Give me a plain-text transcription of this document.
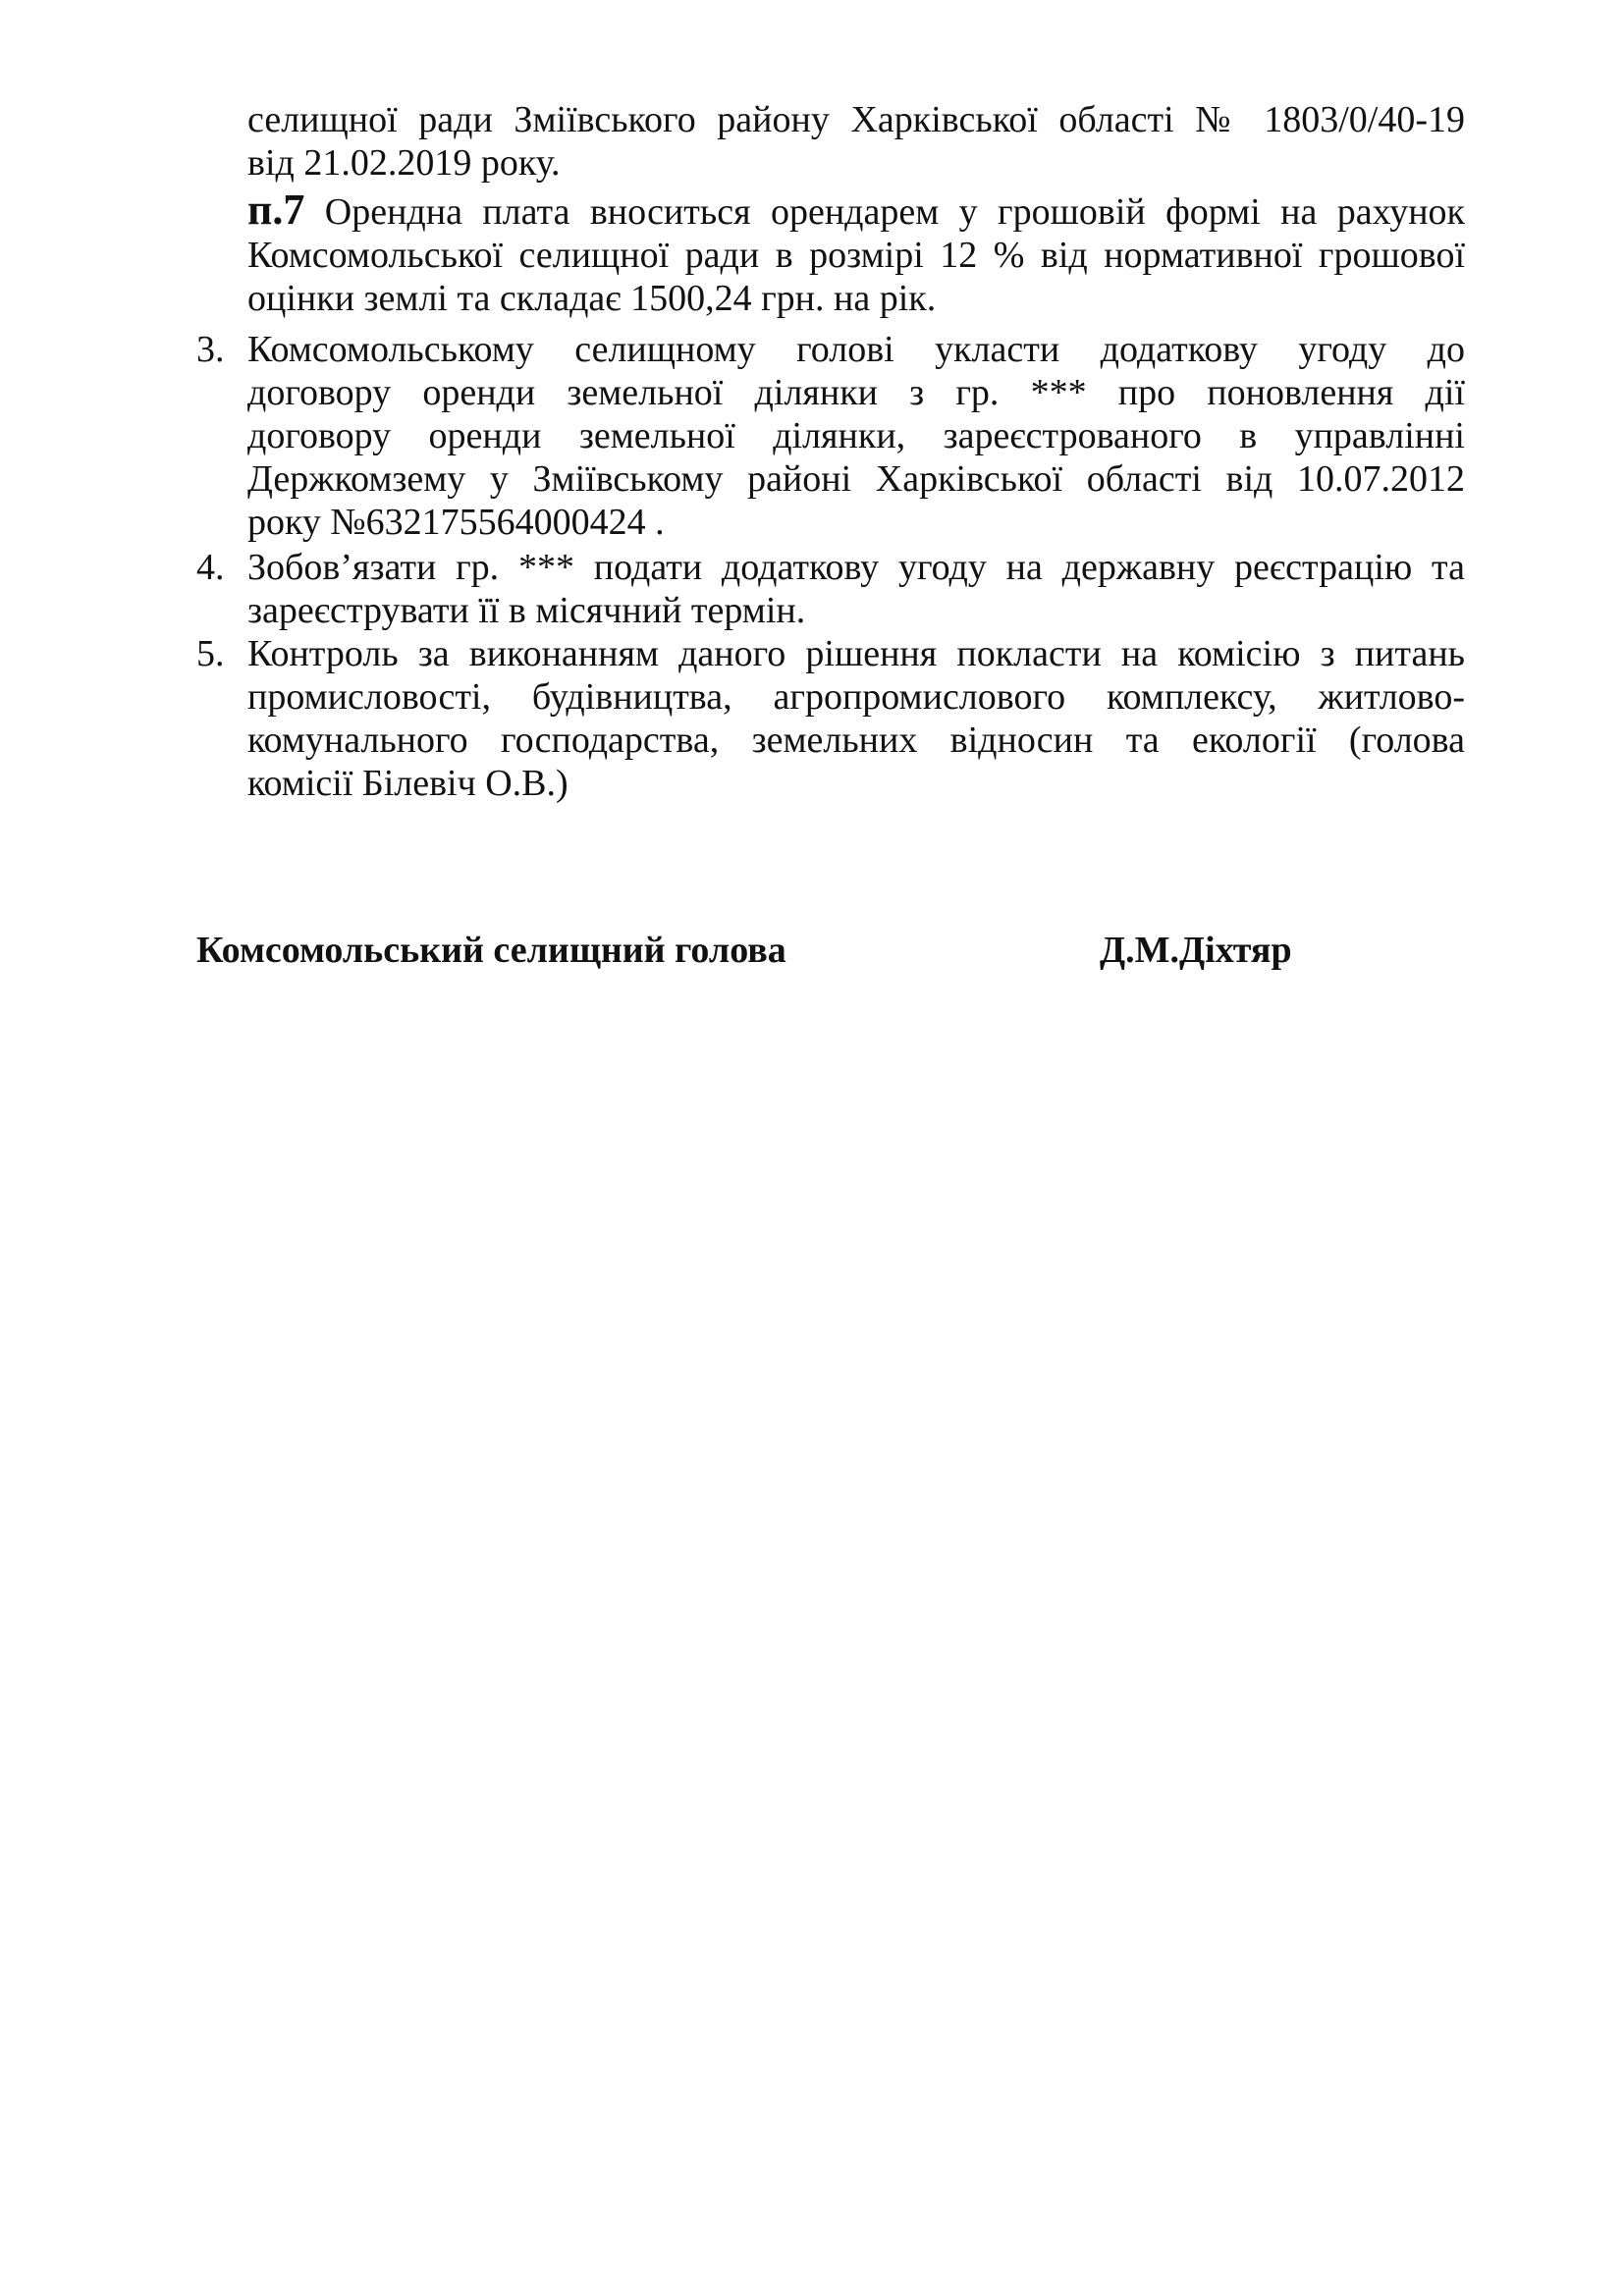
селищної ради Зміївського району Харківської області № 1803/0/40-19
від 21.02.2019 року.
п.7 Орендна плата вноситься орендарем у грошовій формі на рахунок
Комсомольської селищної ради в розмірі 12 % від нормативної грошової
оцінки землі та складає 1500,24 грн. на рік.
3. Комсомольському селищному голові укласти додаткову угоду до
договору оренди земельної ділянки з гр. *** про поновлення дії
договору оренди земельної ділянки, зареєстрованого в управлінні
Держкомзему у Зміївському районі Харківської області від 10.07.2012
року №632175564000424 .
4. Зобов’язати гр. *** подати додаткову угоду на державну реєстрацію та
зареєструвати її в місячний термін.
5. Контроль за виконанням даного рішення покласти на комісію з питань
промисловості, будівництва, агропромислового комплексу, житлово-
комунального господарства, земельних відносин та екології (голова
комісії Білевіч О.В.)
Комсомольський селищний голова	Д.М.Діхтяр
